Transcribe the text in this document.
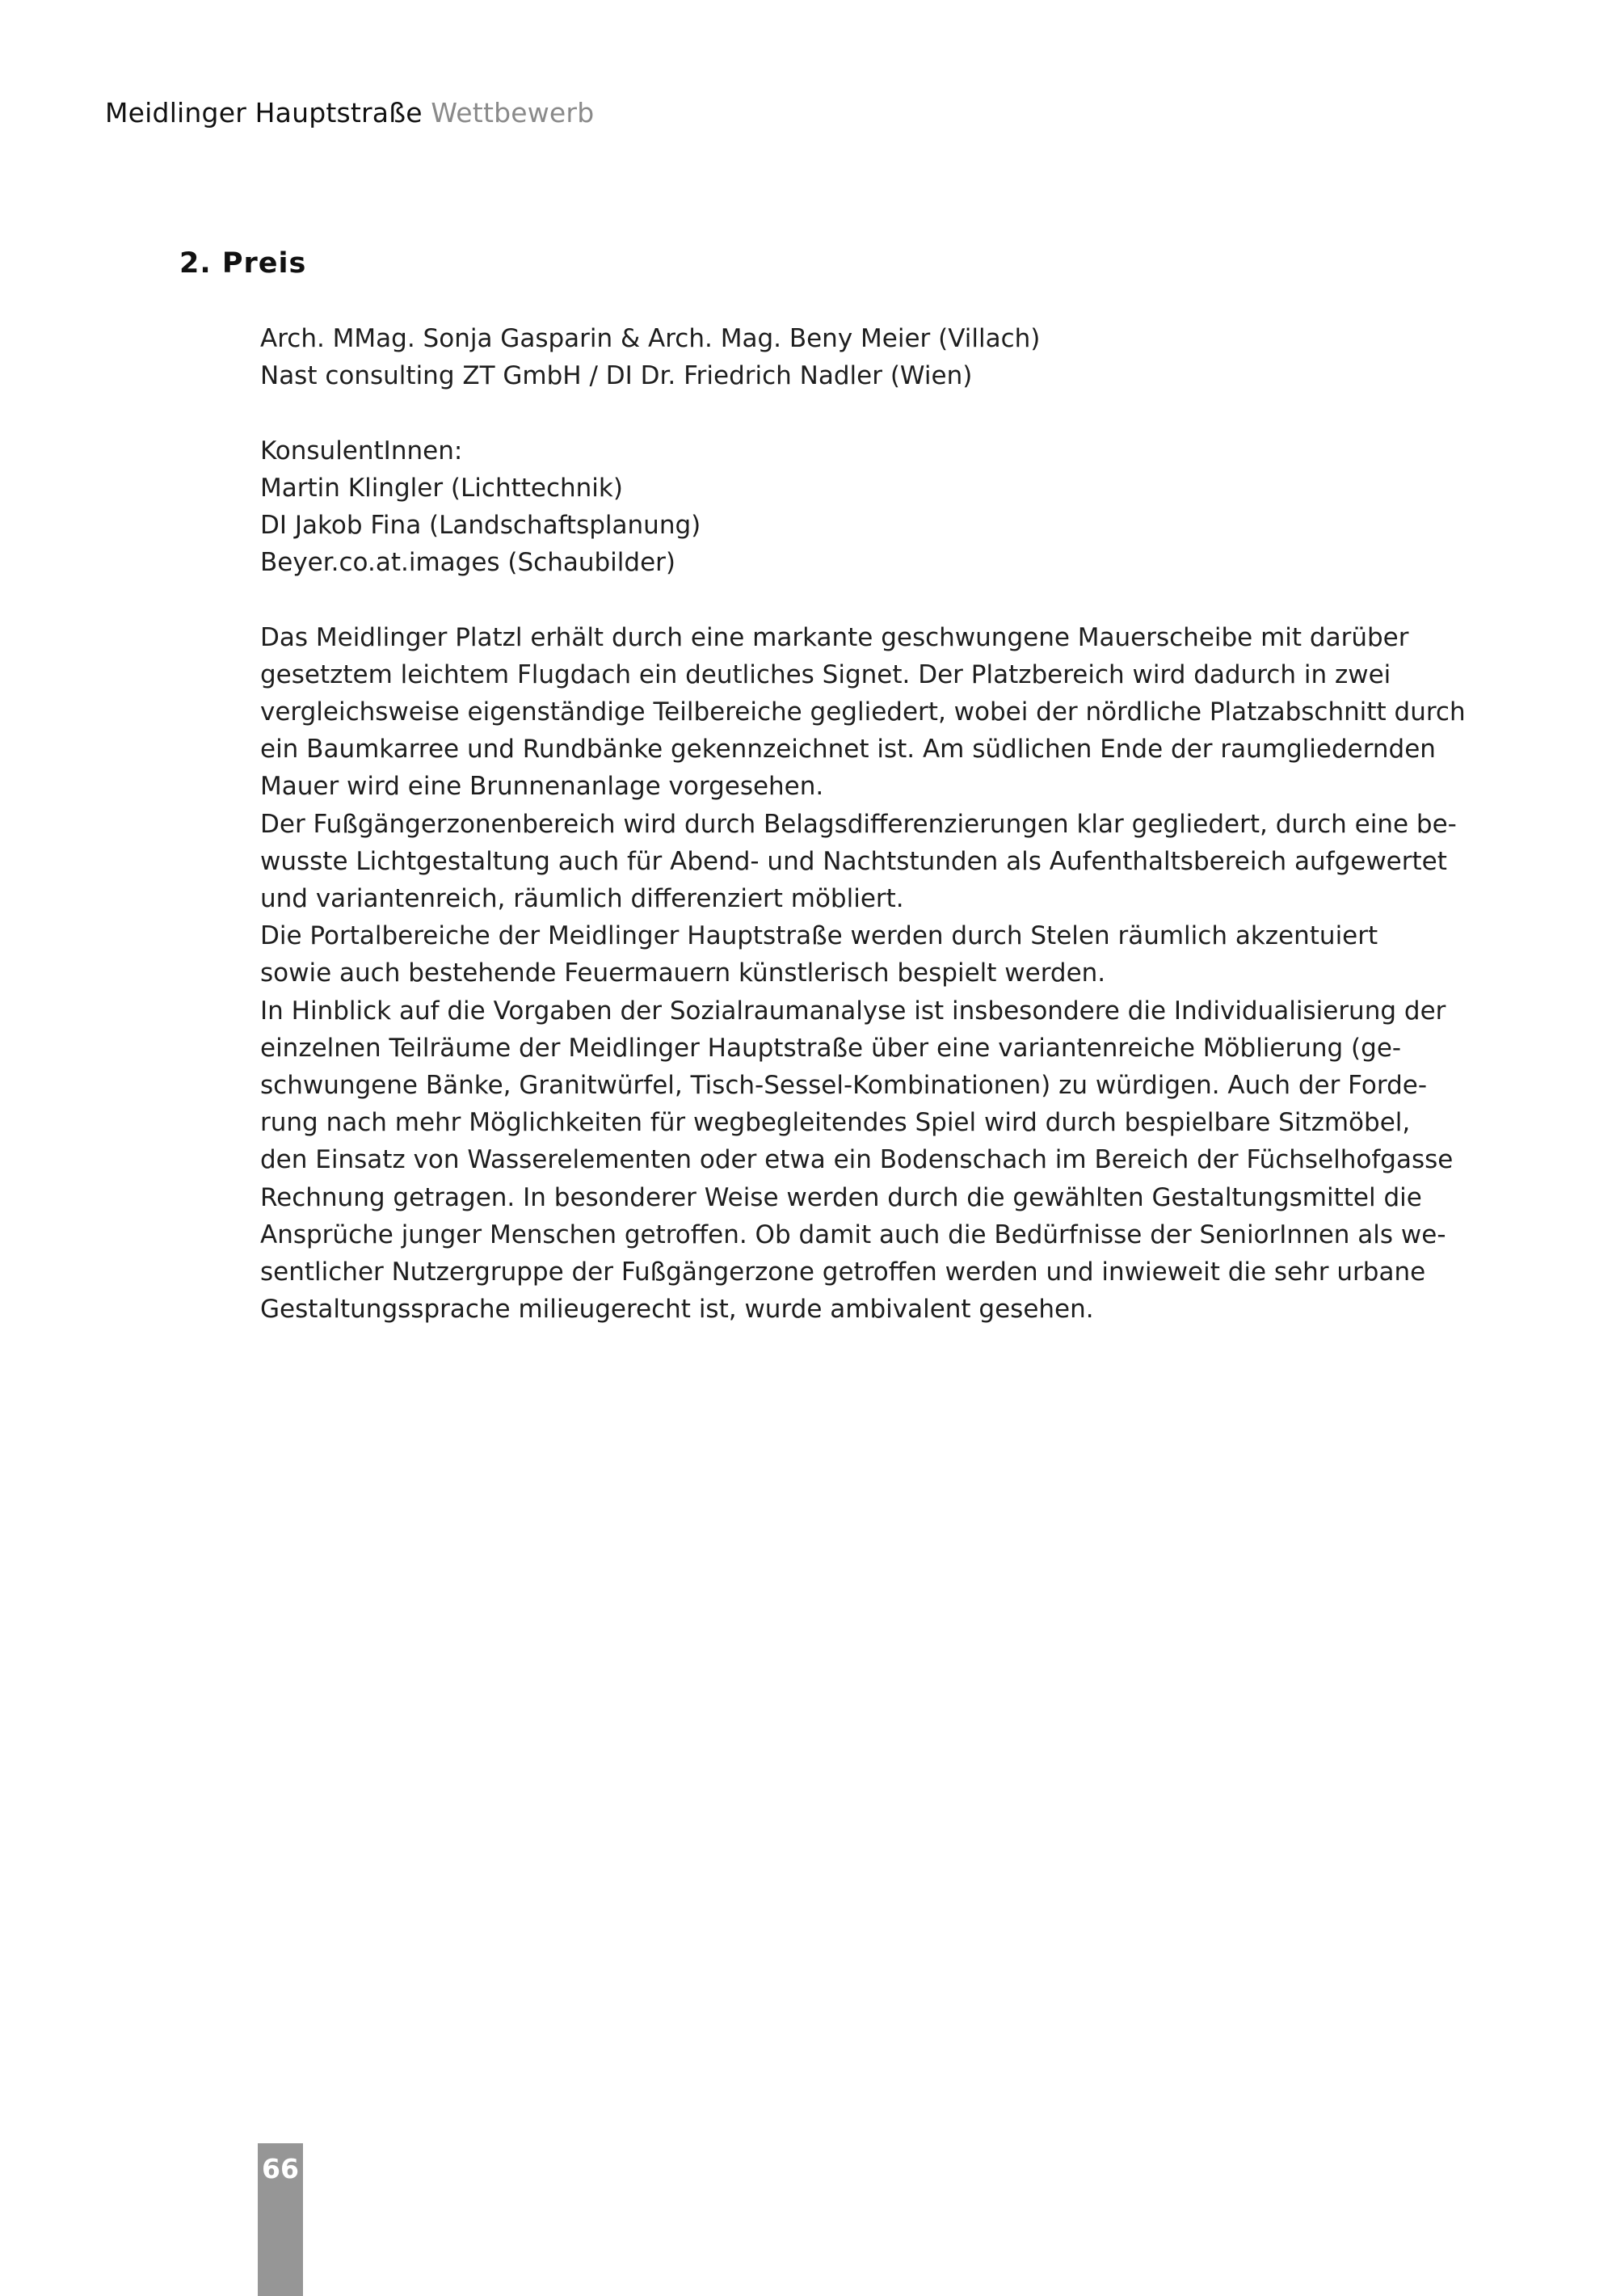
Meidlinger Hauptstraße Wettbewerb
2. Preis
Arch. MMag. Sonja Gasparin & Arch. Mag. Beny Meier (Villach)
Nast consulting ZT GmbH / DI Dr. Friedrich Nadler (Wien)
KonsulentInnen:
Martin Klingler (Lichttechnik)
DI Jakob Fina (Landschaftsplanung)
Beyer.co.at.images (Schaubilder)
Das Meidlinger Platzl erhält durch eine markante geschwungene Mauerscheibe mit darüber
gesetztem leichtem Flugdach ein deutliches Signet. Der Platzbereich wird dadurch in zwei
vergleichsweise eigenständige Teilbereiche gegliedert, wobei der nördliche Platzabschnitt durch
ein Baumkarree und Rundbänke gekennzeichnet ist. Am südlichen Ende der raumgliedernden
Mauer wird eine Brunnenanlage vorgesehen.
Der Fußgängerzonenbereich wird durch Belagsdifferenzierungen klar gegliedert, durch eine be-
wusste Lichtgestaltung auch für Abend- und Nachtstunden als Aufenthaltsbereich aufgewertet
und variantenreich, räumlich differenziert möbliert.
Die Portalbereiche der Meidlinger Hauptstraße werden durch Stelen räumlich akzentuiert
sowie auch bestehende Feuermauern künstlerisch bespielt werden.
In Hinblick auf die Vorgaben der Sozialraumanalyse ist insbesondere die Individualisierung der
einzelnen Teilräume der Meidlinger Hauptstraße über eine variantenreiche Möblierung (ge-
schwungene Bänke, Granitwürfel, Tisch-Sessel-Kombinationen) zu würdigen. Auch der Forde-
rung nach mehr Möglichkeiten für wegbegleitendes Spiel wird durch bespielbare Sitzmöbel,
den Einsatz von Wasserelementen oder etwa ein Bodenschach im Bereich der Füchselhofgasse
Rechnung getragen. In besonderer Weise werden durch die gewählten Gestaltungsmittel die
Ansprüche junger Menschen getroffen. Ob damit auch die Bedürfnisse der SeniorInnen als we-
sentlicher Nutzergruppe der Fußgängerzone getroffen werden und inwieweit die sehr urbane
Gestaltungssprache milieugerecht ist, wurde ambivalent gesehen.
66
